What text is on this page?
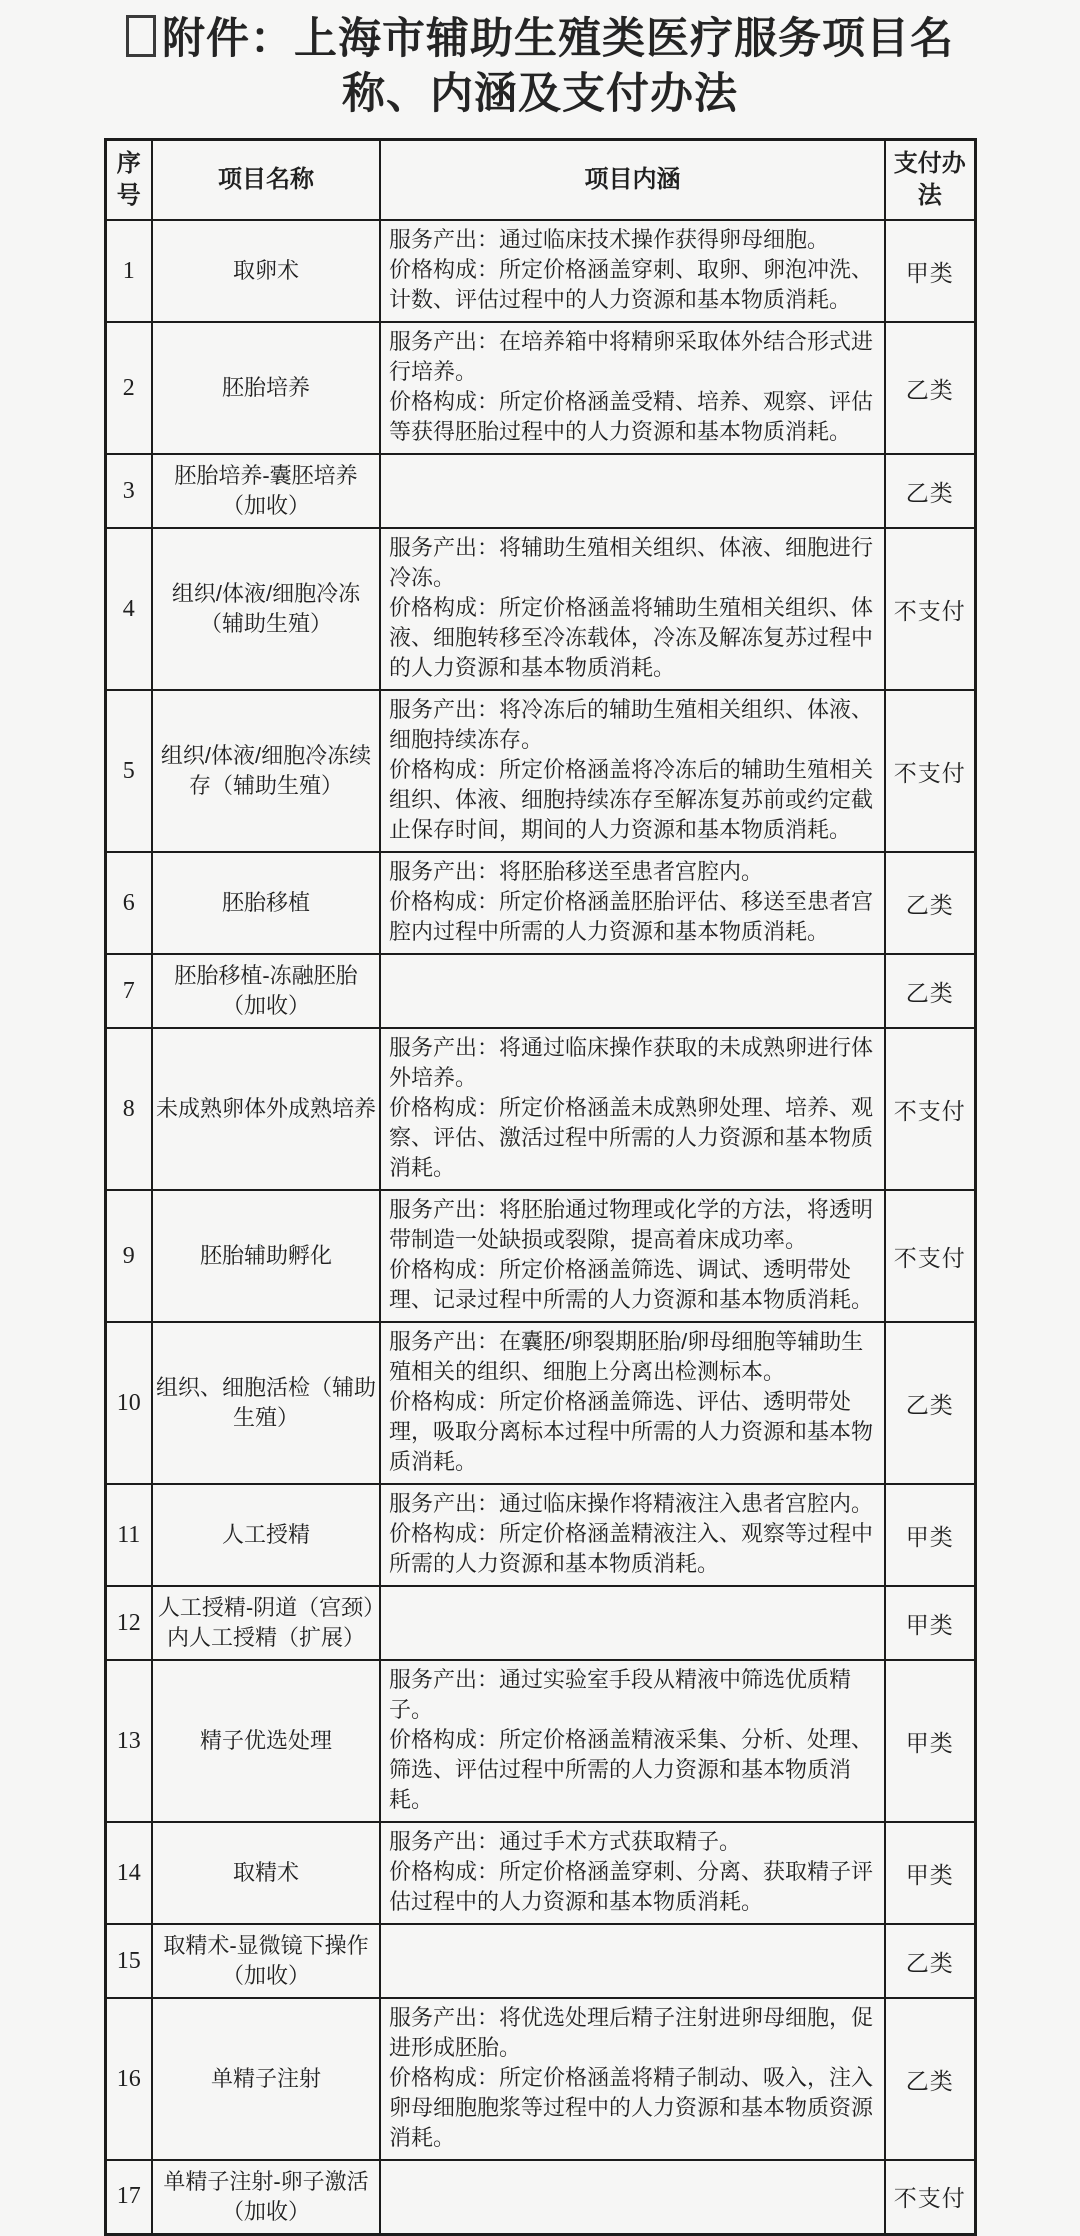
附件：上海市辅助生殖类医疗服务项目名称、内涵及支付办法
序号	项目名称	项目内涵	支付办法
1	取卵术	服务产出：通过临床技术操作获得卵母细胞。
价格构成：所定价格涵盖穿刺、取卵、卵泡冲洗、计数、评估过程中的人力资源和基本物质消耗。	甲类
2	胚胎培养	服务产出：在培养箱中将精卵采取体外结合形式进行培养。
价格构成：所定价格涵盖受精、培养、观察、评估等获得胚胎过程中的人力资源和基本物质消耗。	乙类
3	胚胎培养-囊胚培养（加收）		乙类
4	组织/体液/细胞冷冻（辅助生殖）	服务产出：将辅助生殖相关组织、体液、细胞进行冷冻。
价格构成：所定价格涵盖将辅助生殖相关组织、体液、细胞转移至冷冻载体，冷冻及解冻复苏过程中的人力资源和基本物质消耗。	不支付
5	组织/体液/细胞冷冻续存（辅助生殖）	服务产出：将冷冻后的辅助生殖相关组织、体液、细胞持续冻存。
价格构成：所定价格涵盖将冷冻后的辅助生殖相关组织、体液、细胞持续冻存至解冻复苏前或约定截止保存时间，期间的人力资源和基本物质消耗。	不支付
6	胚胎移植	服务产出：将胚胎移送至患者宫腔内。
价格构成：所定价格涵盖胚胎评估、移送至患者宫腔内过程中所需的人力资源和基本物质消耗。	乙类
7	胚胎移植-冻融胚胎（加收）		乙类
8	未成熟卵体外成熟培养	服务产出：将通过临床操作获取的未成熟卵进行体外培养。
价格构成：所定价格涵盖未成熟卵处理、培养、观察、评估、激活过程中所需的人力资源和基本物质消耗。	不支付
9	胚胎辅助孵化	服务产出：将胚胎通过物理或化学的方法，将透明带制造一处缺损或裂隙，提高着床成功率。
价格构成：所定价格涵盖筛选、调试、透明带处理、记录过程中所需的人力资源和基本物质消耗。	不支付
10	组织、细胞活检（辅助生殖）	服务产出：在囊胚/卵裂期胚胎/卵母细胞等辅助生殖相关的组织、细胞上分离出检测标本。
价格构成：所定价格涵盖筛选、评估、透明带处理，吸取分离标本过程中所需的人力资源和基本物质消耗。	乙类
11	人工授精	服务产出：通过临床操作将精液注入患者宫腔内。
价格构成：所定价格涵盖精液注入、观察等过程中所需的人力资源和基本物质消耗。	甲类
12	人工授精-阴道（宫颈）内人工授精（扩展）		甲类
13	精子优选处理	服务产出：通过实验室手段从精液中筛选优质精子。
价格构成：所定价格涵盖精液采集、分析、处理、筛选、评估过程中所需的人力资源和基本物质消耗。	甲类
14	取精术	服务产出：通过手术方式获取精子。
价格构成：所定价格涵盖穿刺、分离、获取精子评估过程中的人力资源和基本物质消耗。	甲类
15	取精术-显微镜下操作（加收）		乙类
16	单精子注射	服务产出：将优选处理后精子注射进卵母细胞，促进形成胚胎。
价格构成：所定价格涵盖将精子制动、吸入，注入卵母细胞胞浆等过程中的人力资源和基本物质资源消耗。	乙类
17	单精子注射-卵子激活（加收）		不支付
